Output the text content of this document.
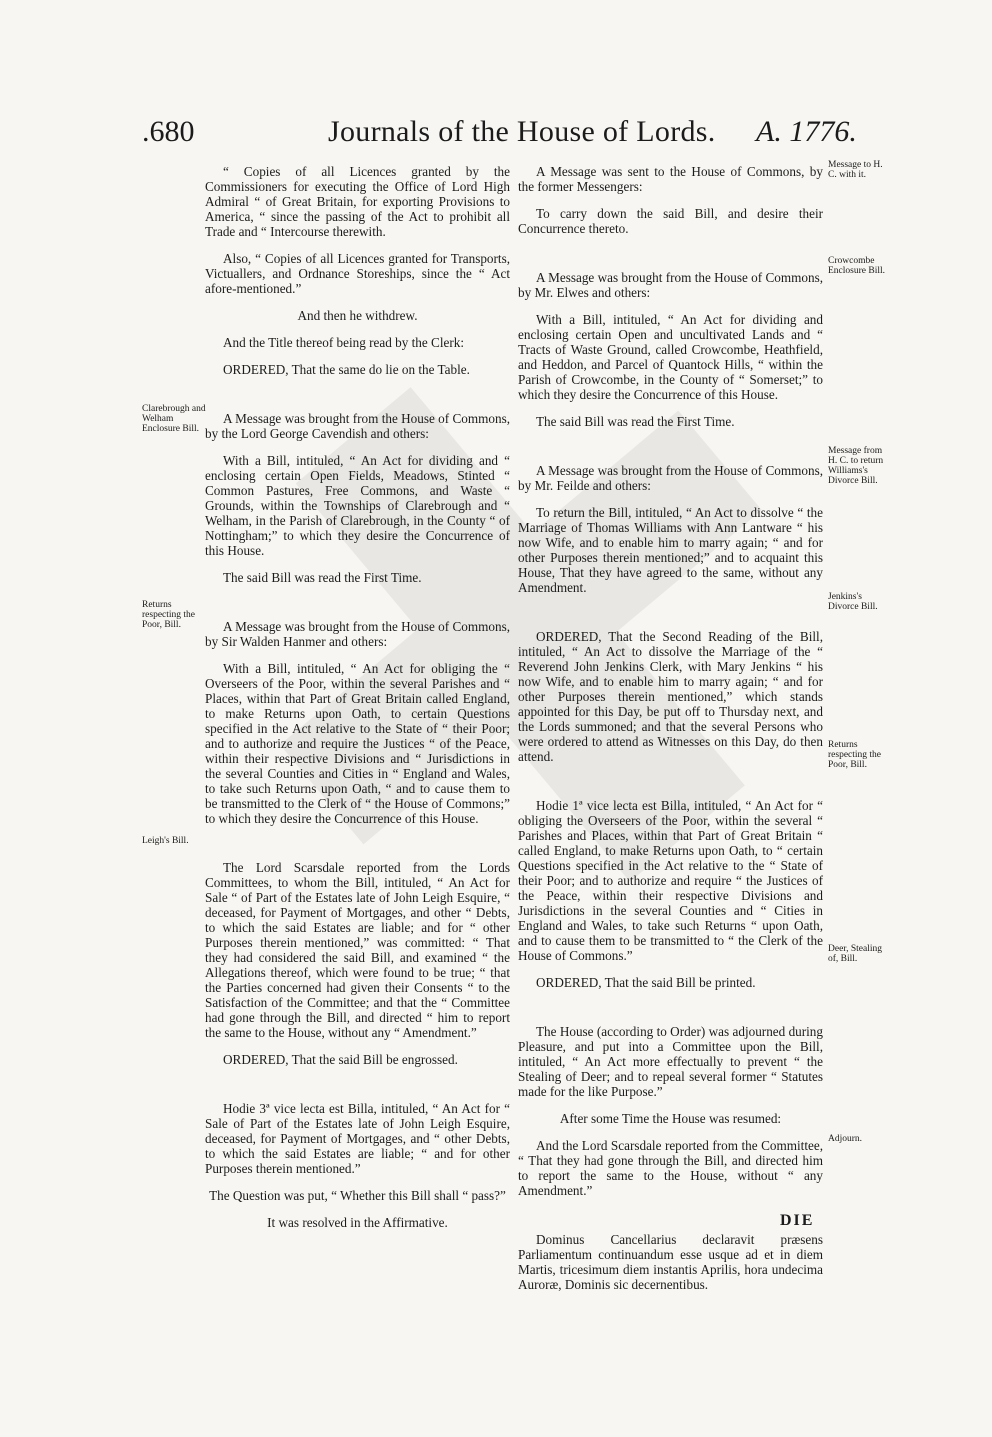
.680	Journals of the House of Lords. A. 1776.

“ Copies of all Licences granted by the Commissioners for executing the Office of Lord High Admiral “ of Great Britain, for exporting Provisions to America, “ since the passing of the Act to prohibit all Trade and “ Intercourse therewith.

Also, “ Copies of all Licences granted for Transports, Victuallers, and Ordnance Storeships, since the “ Act afore-mentioned.”

And then he withdrew.

And the Title thereof being read by the Clerk:

ORDERED, That the same do lie on the Table.

A Message was brought from the House of Commons, by the Lord George Cavendish and others:

With a Bill, intituled, “ An Act for dividing and “ enclosing certain Open Fields, Meadows, Stinted “ Common Pastures, Free Commons, and Waste “ Grounds, within the Townships of Clarebrough and “ Welham, in the Parish of Clarebrough, in the County “ of Nottingham;” to which they desire the Concurrence of this House.

The said Bill was read the First Time.

A Message was brought from the House of Commons, by Sir Walden Hanmer and others:

With a Bill, intituled, “ An Act for obliging the “ Overseers of the Poor, within the several Parishes and “ Places, within that Part of Great Britain called England, to make Returns upon Oath, to certain Questions specified in the Act relative to the State of “ their Poor; and to authorize and require the Justices “ of the Peace, within their respective Divisions and “ Jurisdictions in the several Counties and Cities in “ England and Wales, to take such Returns upon Oath, “ and to cause them to be transmitted to the Clerk of “ the House of Commons;” to which they desire the Concurrence of this House.

The Lord Scarsdale reported from the Lords Committees, to whom the Bill, intituled, “ An Act for Sale “ of Part of the Estates late of John Leigh Esquire, “ deceased, for Payment of Mortgages, and other “ Debts, to which the said Estates are liable; and for “ other Purposes therein mentioned,” was committed: “ That they had considered the said Bill, and examined “ the Allegations thereof, which were found to be true; “ that the Parties concerned had given their Consents “ to the Satisfaction of the Committee; and that the “ Committee had gone through the Bill, and directed “ him to report the same to the House, without any “ Amendment.”

ORDERED, That the said Bill be engrossed.

Hodie 3ª vice lecta est Billa, intituled, “ An Act for “ Sale of Part of the Estates late of John Leigh Esquire, deceased, for Payment of Mortgages, and “ other Debts, to which the said Estates are liable; “ and for other Purposes therein mentioned.”

The Question was put, “ Whether this Bill shall “ pass?”

It was resolved in the Affirmative.

A Message was sent to the House of Commons, by the former Messengers:

To carry down the said Bill, and desire their Concurrence thereto.

A Message was brought from the House of Commons, by Mr. Elwes and others:

With a Bill, intituled, “ An Act for dividing and enclosing certain Open and uncultivated Lands and “ Tracts of Waste Ground, called Crowcombe, Heathfield, and Heddon, and Parcel of Quantock Hills, “ within the Parish of Crowcombe, in the County of “ Somerset;” to which they desire the Concurrence of this House.

The said Bill was read the First Time.

A Message was brought from the House of Commons, by Mr. Feilde and others:

To return the Bill, intituled, “ An Act to dissolve “ the Marriage of Thomas Williams with Ann Lantware “ his now Wife, and to enable him to marry again; “ and for other Purposes therein mentioned;” and to acquaint this House, That they have agreed to the same, without any Amendment.

ORDERED, That the Second Reading of the Bill, intituled, “ An Act to dissolve the Marriage of the “ Reverend John Jenkins Clerk, with Mary Jenkins “ his now Wife, and to enable him to marry again; “ and for other Purposes therein mentioned,” which stands appointed for this Day, be put off to Thursday next, and the Lords summoned; and that the several Persons who were ordered to attend as Witnesses on this Day, do then attend.

Hodie 1ª vice lecta est Billa, intituled, “ An Act for “ obliging the Overseers of the Poor, within the several “ Parishes and Places, within that Part of Great Britain “ called England, to make Returns upon Oath, to “ certain Questions specified in the Act relative to the “ State of their Poor; and to authorize and require “ the Justices of the Peace, within their respective Divisions and Jurisdictions in the several Counties and “ Cities in England and Wales, to take such Returns “ upon Oath, and to cause them to be transmitted to “ the Clerk of the House of Commons.”

ORDERED, That the said Bill be printed.

The House (according to Order) was adjourned during Pleasure, and put into a Committee upon the Bill, intituled, “ An Act more effectually to prevent “ the Stealing of Deer; and to repeal several former “ Statutes made for the like Purpose.”

After some Time the House was resumed:

And the Lord Scarsdale reported from the Committee, “ That they had gone through the Bill, and directed him to report the same to the House, without “ any Amendment.”

Dominus Cancellarius declaravit præsens Parliamentum continuandum esse usque ad et in diem Martis, tricesimum diem instantis Aprilis, hora undecima Auroræ, Dominis sic decernentibus.

Clarebrough and Welham Enclosure Bill.
Returns respecting the Poor, Bill.
Leigh's Bill.
Message to H. C. with it.
Crowcombe Enclosure Bill.
Message from H. C. to return Williams's Divorce Bill.
Jenkins's Divorce Bill.
Returns respecting the Poor, Bill.
Deer, Stealing of, Bill.
Adjourn.
DIE
